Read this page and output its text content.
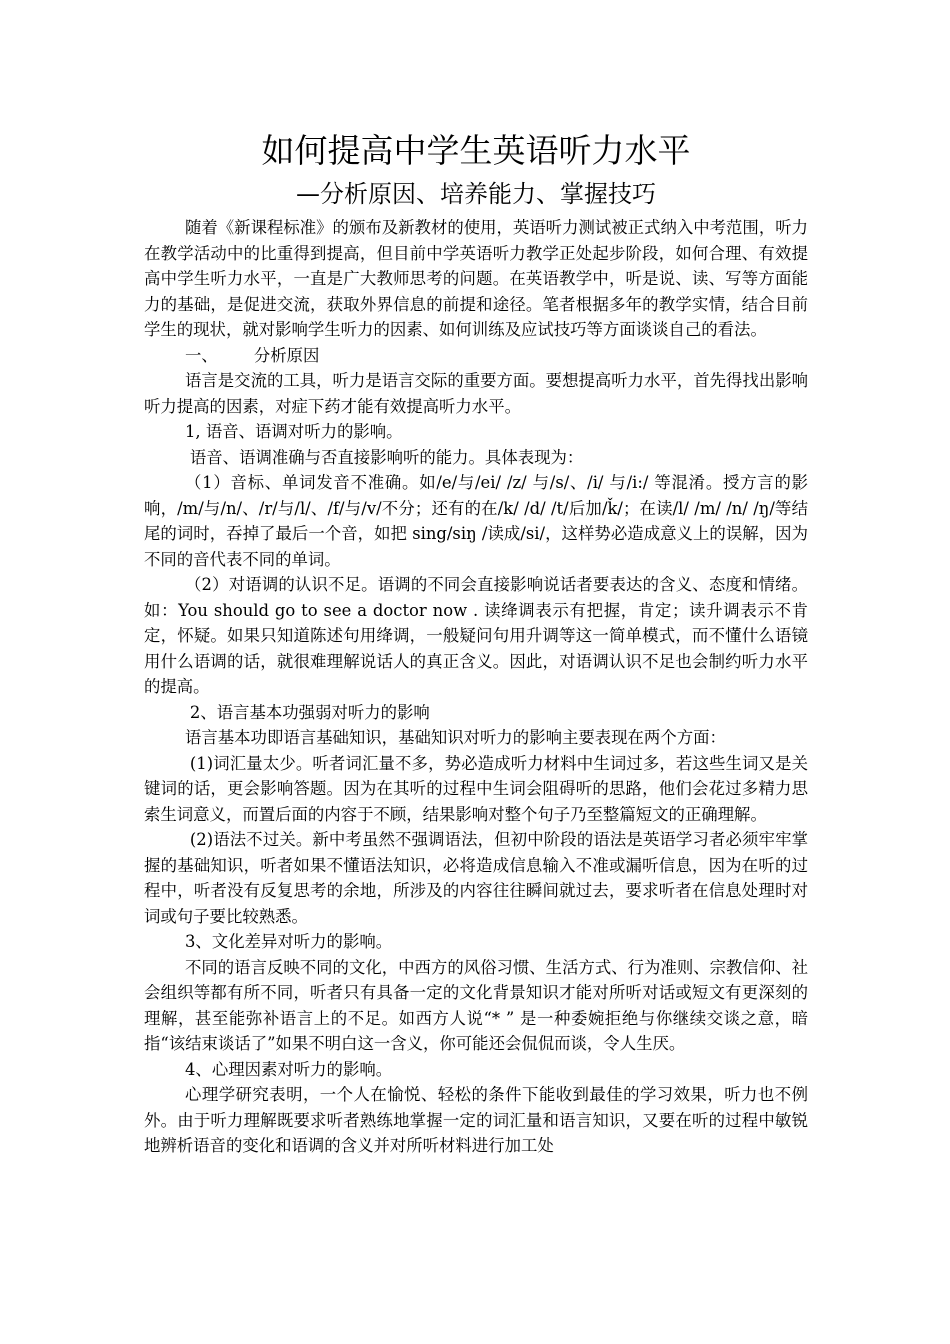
如何提高中学生英语听力水平
—分析原因、培养能力、掌握技巧

随着《新课程标准》的颁布及新教材的使用，英语听力测试被正式纳入中考范围，听力在教学活动中的比重得到提高，但目前中学英语听力教学正处起步阶段，如何合理、有效提高中学生听力水平，一直是广大教师思考的问题。在英语教学中，听是说、读、写等方面能力的基础，是促进交流，获取外界信息的前提和途径。笔者根据多年的教学实情，结合目前学生的现状，就对影响学生听力的因素、如何训练及应试技巧等方面谈谈自己的看法。

一、 分析原因

语言是交流的工具，听力是语言交际的重要方面。要想提高听力水平，首先得找出影响听力提高的因素，对症下药才能有效提高听力水平。

1, 语音、语调对听力的影响。

语音、语调准确与否直接影响听的能力。具体表现为：

（1）音标、单词发音不准确。如/e/与/ei/ /z/ 与/s/、/i/ 与/i:/ 等混淆。授方言的影响，/m/与/n/、/r/与/l/、/f/与/v/不分；还有的在/k/ /d/ /t/后加/ǩ/；在读/l/ /m/ /n/ /ŋ/等结尾的词时，吞掉了最后一个音，如把 sing/siŋ /读成/si/，这样势必造成意义上的误解，因为不同的音代表不同的单词。

（2）对语调的认识不足。语调的不同会直接影响说话者要表达的含义、态度和情绪。如：You should go to see a doctor now . 读绛调表示有把握，肯定；读升调表示不肯定，怀疑。如果只知道陈述句用绛调，一般疑问句用升调等这一简单模式，而不懂什么语镜用什么语调的话，就很难理解说话人的真正含义。因此，对语调认识不足也会制约听力水平的提高。

2、语言基本功强弱对听力的影响

语言基本功即语言基础知识，基础知识对听力的影响主要表现在两个方面：

(1)词汇量太少。听者词汇量不多，势必造成听力材料中生词过多，若这些生词又是关键词的话，更会影响答题。因为在其听的过程中生词会阻碍听的思路，他们会花过多精力思索生词意义，而置后面的内容于不顾，结果影响对整个句子乃至整篇短文的正确理解。

(2)语法不过关。新中考虽然不强调语法，但初中阶段的语法是英语学习者必须牢牢掌握的基础知识，听者如果不懂语法知识，必将造成信息输入不准或漏听信息，因为在听的过程中，听者没有反复思考的余地，所涉及的内容往往瞬间就过去，要求听者在信息处理时对词或句子要比较熟悉。

3、文化差异对听力的影响。

不同的语言反映不同的文化，中西方的风俗习惯、生活方式、行为准则、宗教信仰、社会组织等都有所不同，听者只有具备一定的文化背景知识才能对所听对话或短文有更深刻的理解，甚至能弥补语言上的不足。如西方人说“* ” 是一种委婉拒绝与你继续交谈之意，暗指“该结束谈话了”如果不明白这一含义，你可能还会侃侃而谈，令人生厌。

4、心理因素对听力的影响。

心理学研究表明，一个人在愉悦、轻松的条件下能收到最佳的学习效果，听力也不例外。由于听力理解既要求听者熟练地掌握一定的词汇量和语言知识，又要在听的过程中敏锐地辨析语音的变化和语调的含义并对所听材料进行加工处
